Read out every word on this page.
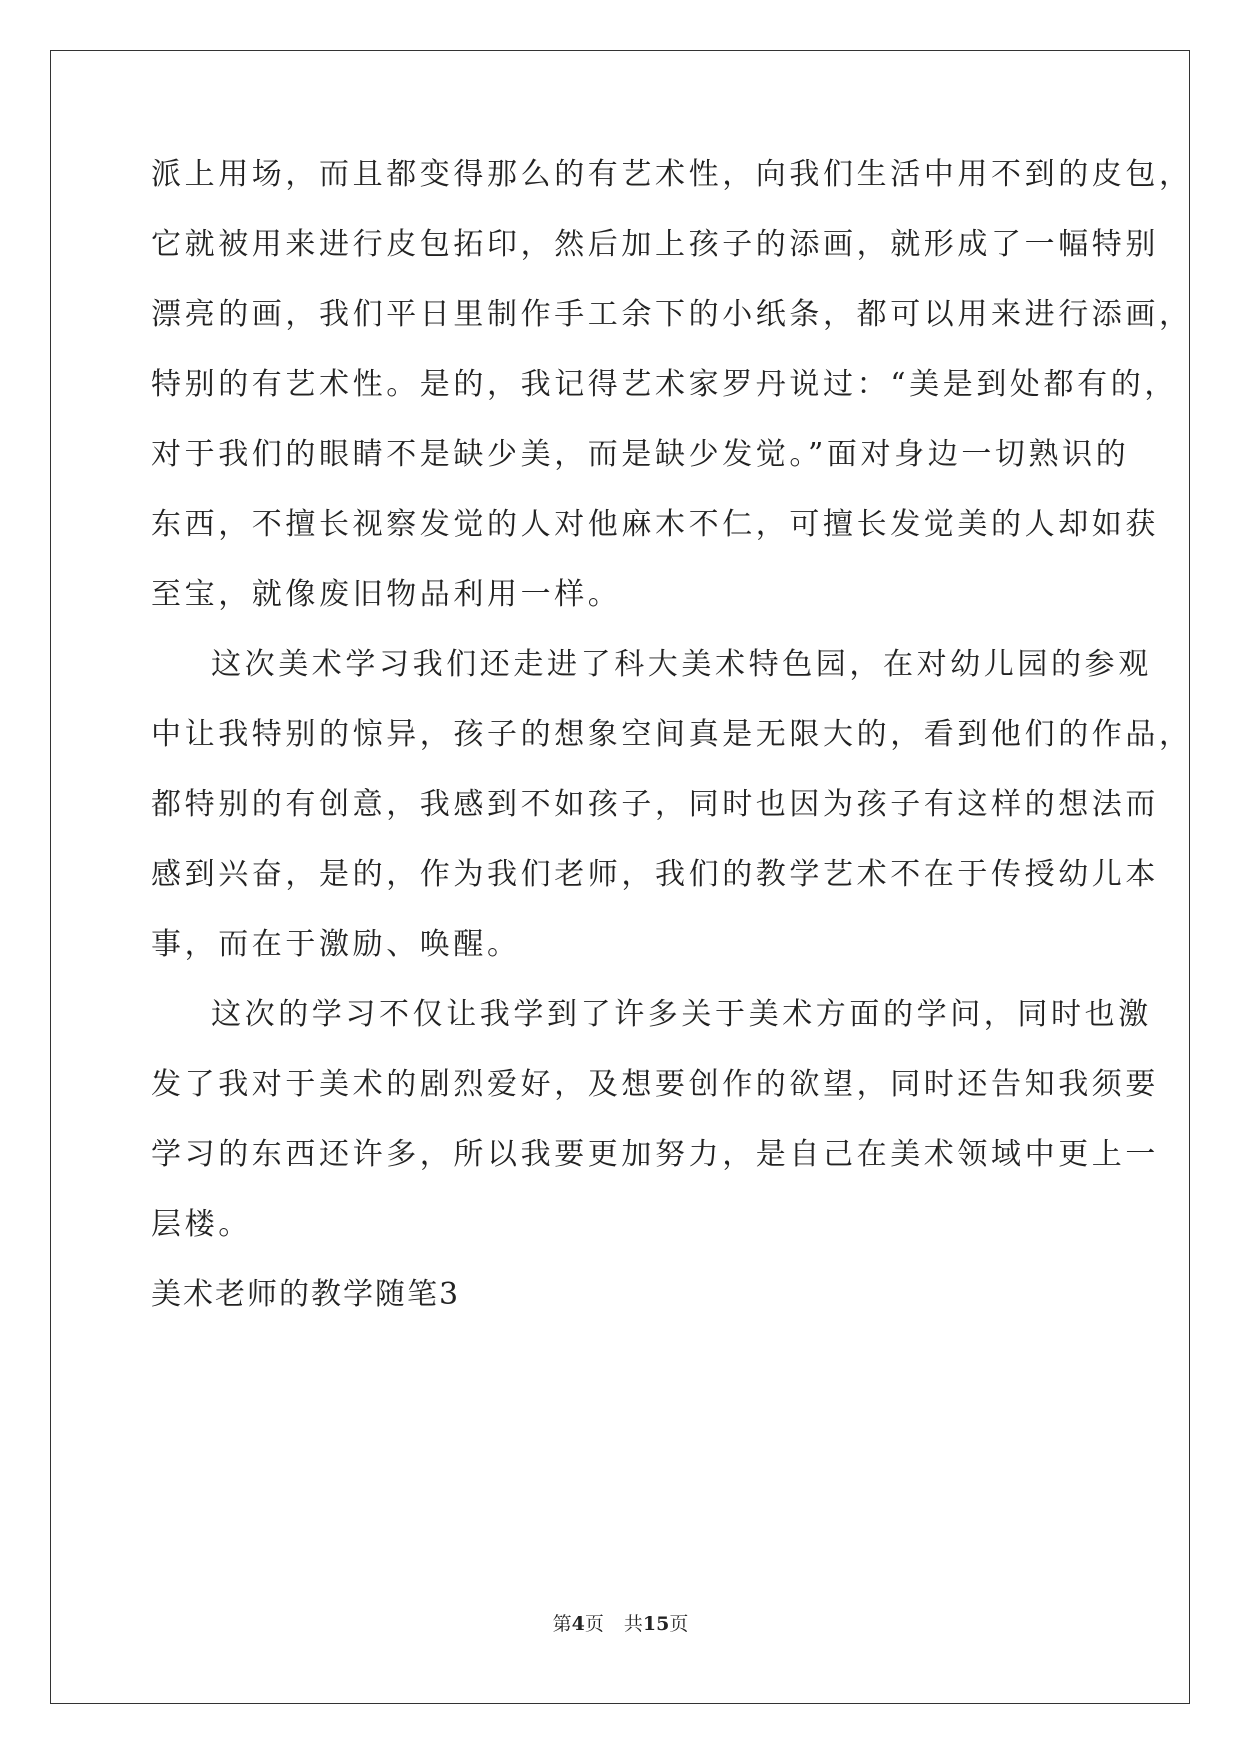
派上用场，而且都变得那么的有艺术性，向我们生活中用不到的皮包，
它就被用来进行皮包拓印，然后加上孩子的添画，就形成了一幅特别
漂亮的画，我们平日里制作手工余下的小纸条，都可以用来进行添画，
特别的有艺术性。是的，我记得艺术家罗丹说过：“美是到处都有的，
对于我们的眼睛不是缺少美，而是缺少发觉。”面对身边一切熟识的
东西，不擅长视察发觉的人对他麻木不仁，可擅长发觉美的人却如获
至宝，就像废旧物品利用一样。
这次美术学习我们还走进了科大美术特色园，在对幼儿园的参观
中让我特别的惊异，孩子的想象空间真是无限大的，看到他们的作品，
都特别的有创意，我感到不如孩子，同时也因为孩子有这样的想法而
感到兴奋，是的，作为我们老师，我们的教学艺术不在于传授幼儿本
事，而在于激励、唤醒。
这次的学习不仅让我学到了许多关于美术方面的学问，同时也激
发了我对于美术的剧烈爱好，及想要创作的欲望，同时还告知我须要
学习的东西还许多，所以我要更加努力，是自己在美术领域中更上一
层楼。
美术老师的教学随笔3
第4页 共15页
